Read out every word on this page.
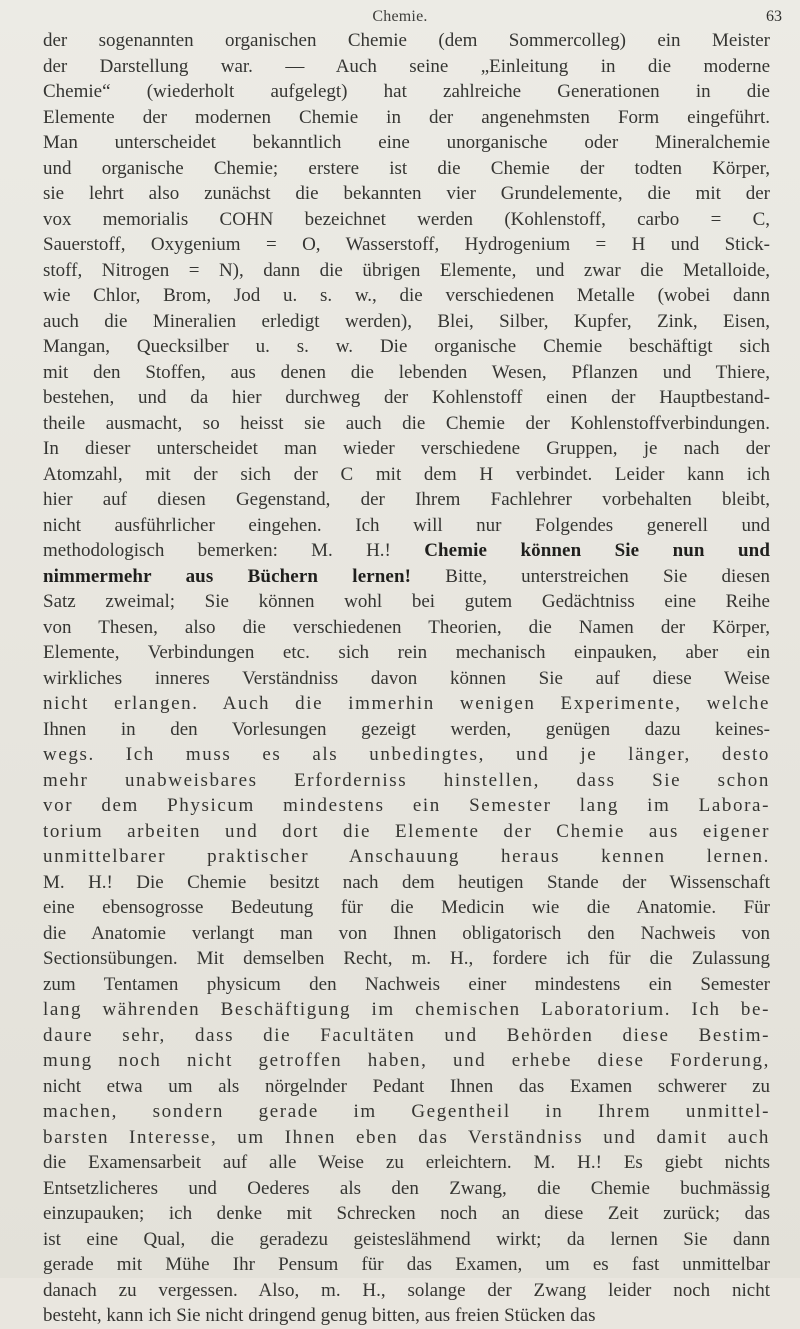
Chemie.	63
der sogenannten organischen Chemie (dem Sommercolleg) ein Meister
der Darstellung war. — Auch seine „Einleitung in die moderne
Chemie“ (wiederholt aufgelegt) hat zahlreiche Generationen in die
Elemente der modernen Chemie in der angenehmsten Form eingeführt.
Man unterscheidet bekanntlich eine unorganische oder Mineralchemie
und organische Chemie; erstere ist die Chemie der todten Körper,
sie lehrt also zunächst die bekannten vier Grundelemente, die mit der
vox memorialis COHN bezeichnet werden (Kohlenstoff, carbo = C,
Sauerstoff, Oxygenium = O, Wasserstoff, Hydrogenium = H und Stick-
stoff, Nitrogen = N), dann die übrigen Elemente, und zwar die Metalloide,
wie Chlor, Brom, Jod u. s. w., die verschiedenen Metalle (wobei dann
auch die Mineralien erledigt werden), Blei, Silber, Kupfer, Zink, Eisen,
Mangan, Quecksilber u. s. w. Die organische Chemie beschäftigt sich
mit den Stoffen, aus denen die lebenden Wesen, Pflanzen und Thiere,
bestehen, und da hier durchweg der Kohlenstoff einen der Hauptbestand-
theile ausmacht, so heisst sie auch die Chemie der Kohlenstoffverbindungen.
In dieser unterscheidet man wieder verschiedene Gruppen, je nach der
Atomzahl, mit der sich der C mit dem H verbindet. Leider kann ich
hier auf diesen Gegenstand, der Ihrem Fachlehrer vorbehalten bleibt,
nicht ausführlicher eingehen. Ich will nur Folgendes generell und
methodologisch bemerken: M. H.! Chemie können Sie nun und
nimmermehr aus Büchern lernen! Bitte, unterstreichen Sie diesen
Satz zweimal; Sie können wohl bei gutem Gedächtniss eine Reihe
von Thesen, also die verschiedenen Theorien, die Namen der Körper,
Elemente, Verbindungen etc. sich rein mechanisch einpauken, aber ein
wirkliches inneres Verständniss davon können Sie auf diese Weise
nicht erlangen. Auch die immerhin wenigen Experimente, welche
Ihnen in den Vorlesungen gezeigt werden, genügen dazu keines-
wegs. Ich muss es als unbedingtes, und je länger, desto
mehr unabweisbares Erforderniss hinstellen, dass Sie schon
vor dem Physicum mindestens ein Semester lang im Labora-
torium arbeiten und dort die Elemente der Chemie aus eigener
unmittelbarer praktischer Anschauung heraus kennen lernen.
M. H.! Die Chemie besitzt nach dem heutigen Stande der Wissenschaft
eine ebensogrosse Bedeutung für die Medicin wie die Anatomie. Für
die Anatomie verlangt man von Ihnen obligatorisch den Nachweis von
Sectionsübungen. Mit demselben Recht, m. H., fordere ich für die Zulassung
zum Tentamen physicum den Nachweis einer mindestens ein Semester
lang währenden Beschäftigung im chemischen Laboratorium. Ich be-
daure sehr, dass die Facultäten und Behörden diese Bestim-
mung noch nicht getroffen haben, und erhebe diese Forderung,
nicht etwa um als nörgelnder Pedant Ihnen das Examen schwerer zu
machen, sondern gerade im Gegentheil in Ihrem unmittel-
barsten Interesse, um Ihnen eben das Verständniss und damit auch
die Examensarbeit auf alle Weise zu erleichtern. M. H.! Es giebt nichts
Entsetzlicheres und Oederes als den Zwang, die Chemie buchmässig
einzupauken; ich denke mit Schrecken noch an diese Zeit zurück; das
ist eine Qual, die geradezu geisteslähmend wirkt; da lernen Sie dann
gerade mit Mühe Ihr Pensum für das Examen, um es fast unmittelbar
danach zu vergessen. Also, m. H., solange der Zwang leider noch nicht
besteht, kann ich Sie nicht dringend genug bitten, aus freien Stücken das
